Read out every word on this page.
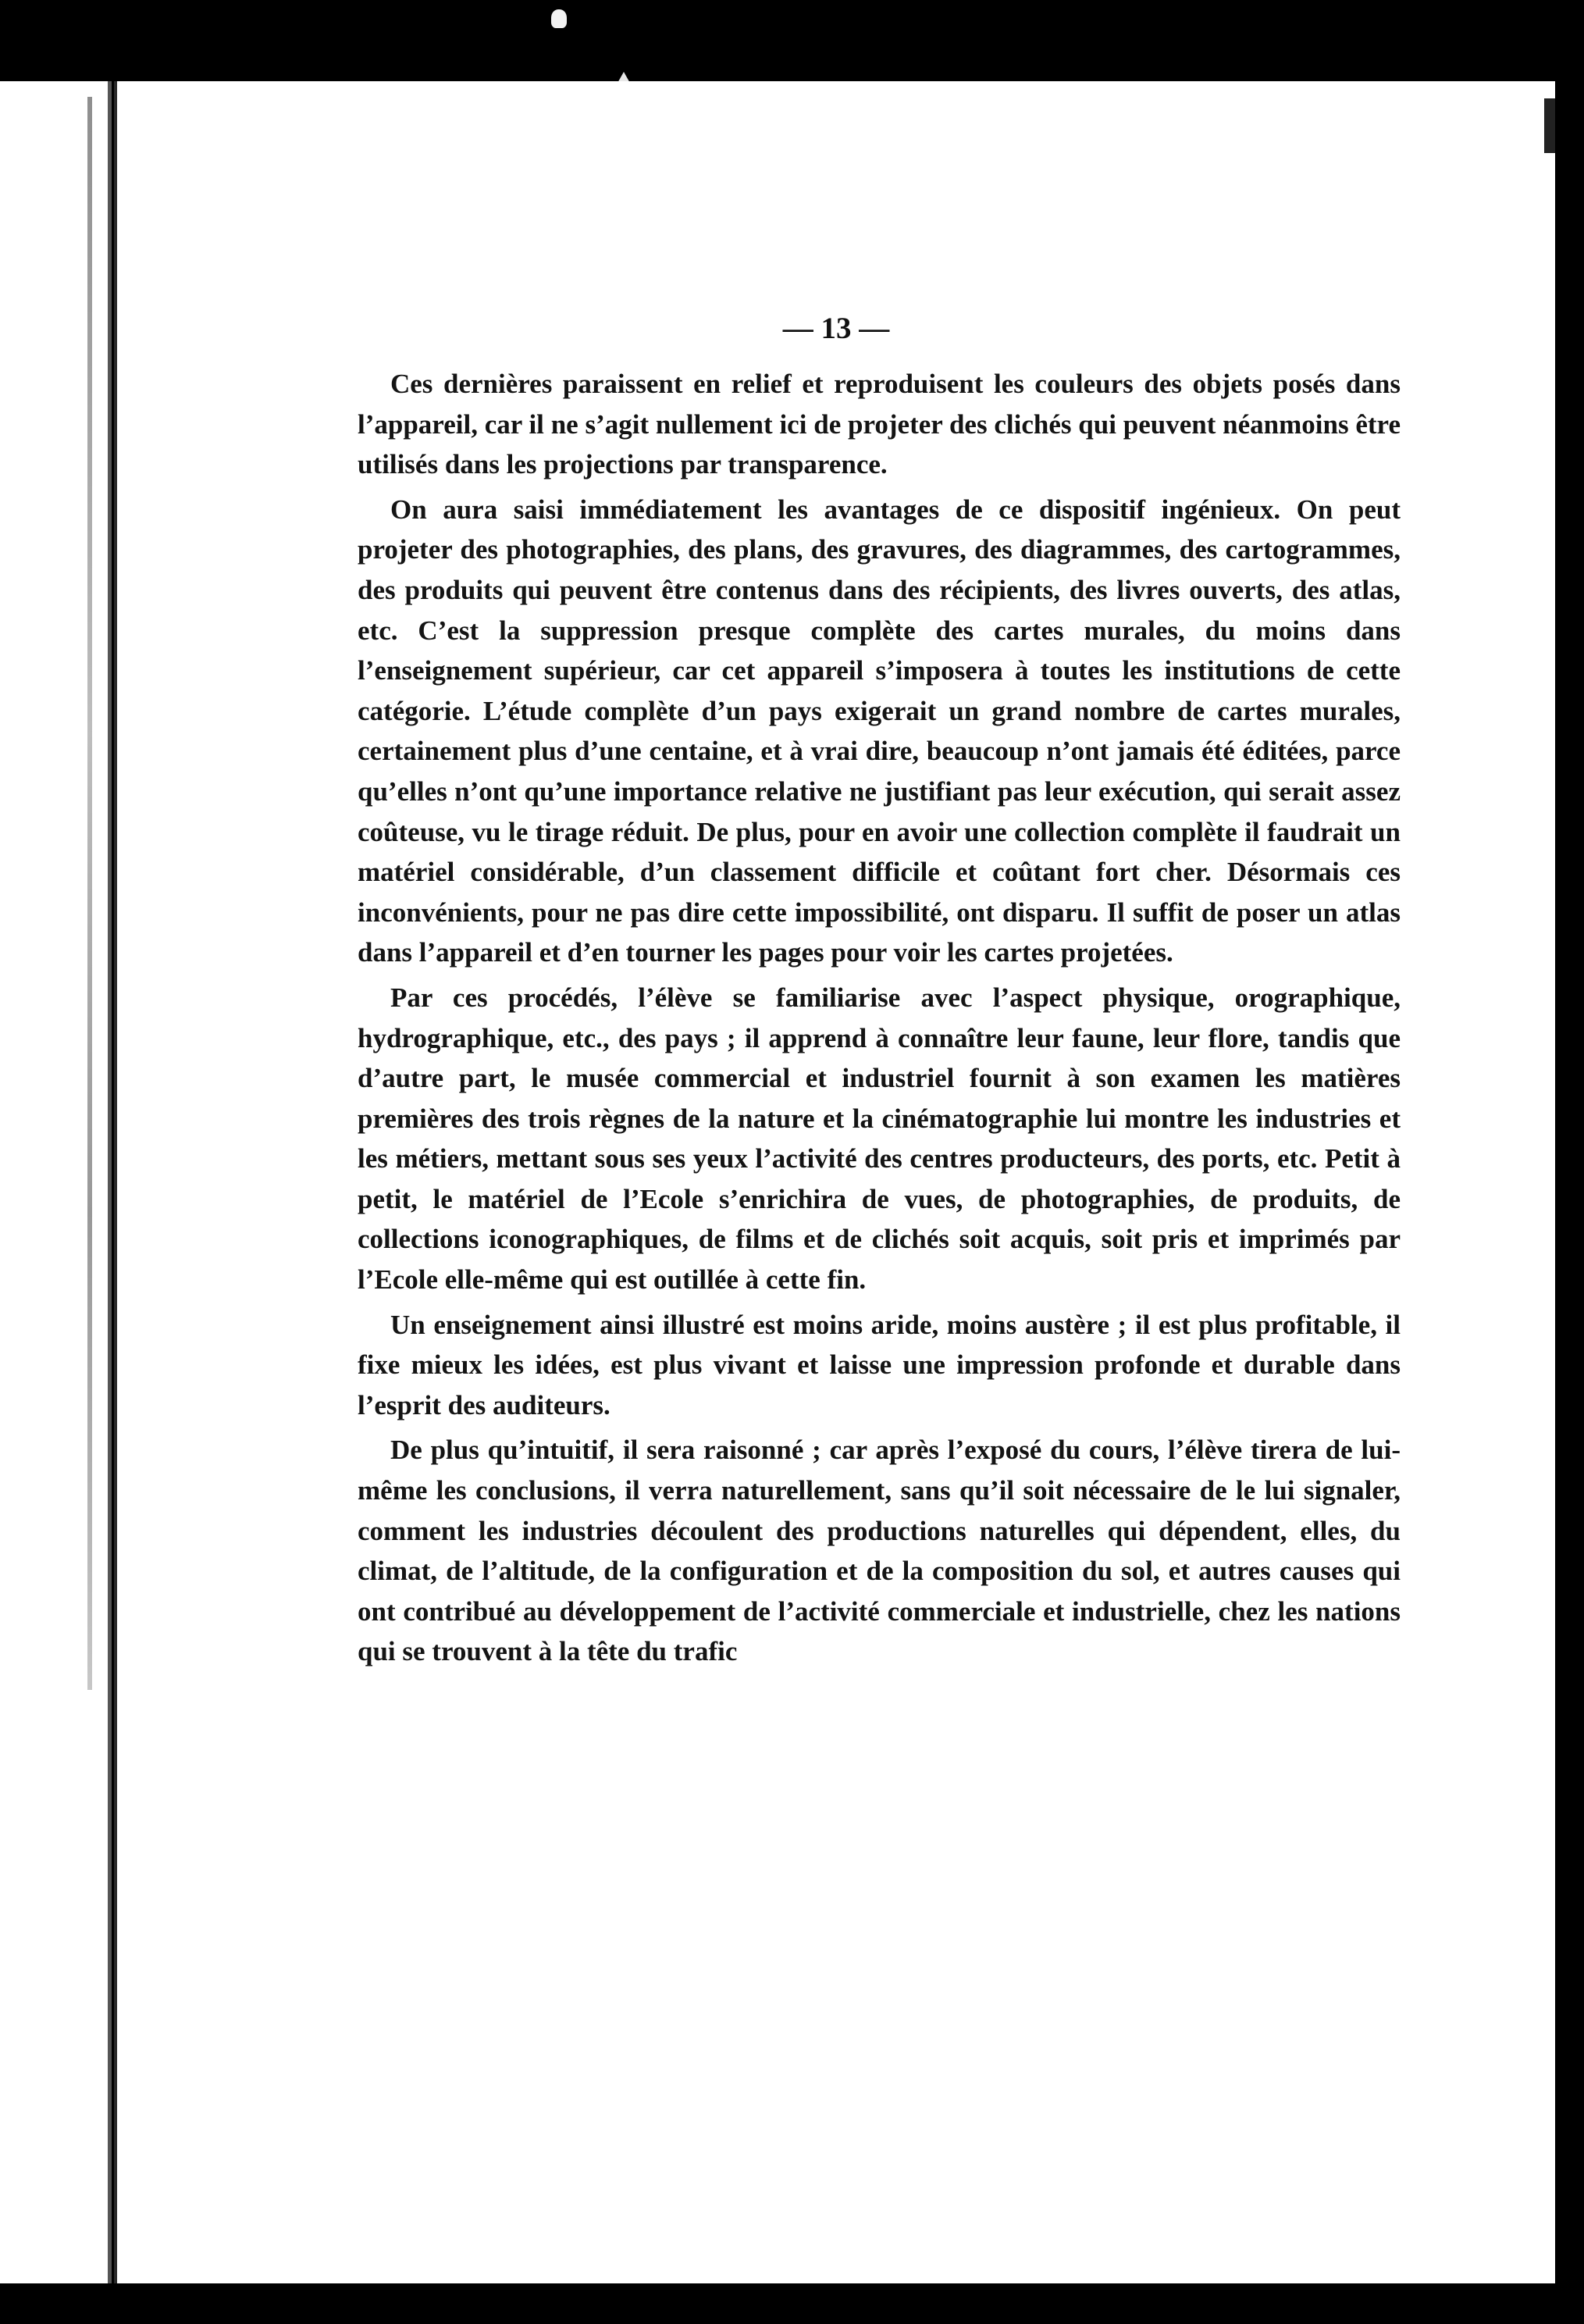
— 13 —

Ces dernières paraissent en relief et reproduisent les couleurs des objets posés dans l’appareil, car il ne s’agit nullement ici de projeter des clichés qui peuvent néanmoins être utilisés dans les projections par transparence.

On aura saisi immédiatement les avantages de ce dispositif ingénieux. On peut projeter des photographies, des plans, des gravures, des diagrammes, des cartogrammes, des produits qui peuvent être contenus dans des récipients, des livres ouverts, des atlas, etc. C’est la suppression presque complète des cartes murales, du moins dans l’enseignement supérieur, car cet appareil s’imposera à toutes les institutions de cette catégorie. L’étude complète d’un pays exigerait un grand nombre de cartes murales, certainement plus d’une centaine, et à vrai dire, beaucoup n’ont jamais été éditées, parce qu’elles n’ont qu’une importance relative ne justifiant pas leur exécution, qui serait assez coûteuse, vu le tirage réduit. De plus, pour en avoir une collection complète il faudrait un matériel considérable, d’un classement difficile et coûtant fort cher. Désormais ces inconvénients, pour ne pas dire cette impossibilité, ont disparu. Il suffit de poser un atlas dans l’appareil et d’en tourner les pages pour voir les cartes projetées.

Par ces procédés, l’élève se familiarise avec l’aspect physique, orographique, hydrographique, etc., des pays ; il apprend à connaître leur faune, leur flore, tandis que d’autre part, le musée commercial et industriel fournit à son examen les matières premières des trois règnes de la nature et la cinématographie lui montre les industries et les métiers, mettant sous ses yeux l’activité des centres producteurs, des ports, etc. Petit à petit, le matériel de l’Ecole s’enrichira de vues, de photographies, de produits, de collections iconographiques, de films et de clichés soit acquis, soit pris et imprimés par l’Ecole elle-même qui est outillée à cette fin.

Un enseignement ainsi illustré est moins aride, moins austère ; il est plus profitable, il fixe mieux les idées, est plus vivant et laisse une impression profonde et durable dans l’esprit des auditeurs.

De plus qu’intuitif, il sera raisonné ; car après l’exposé du cours, l’élève tirera de lui-même les conclusions, il verra naturellement, sans qu’il soit nécessaire de le lui signaler, comment les industries découlent des productions naturelles qui dépendent, elles, du climat, de l’altitude, de la configuration et de la composition du sol, et autres causes qui ont contribué au développement de l’activité commerciale et industrielle, chez les nations qui se trouvent à la tête du trafic
